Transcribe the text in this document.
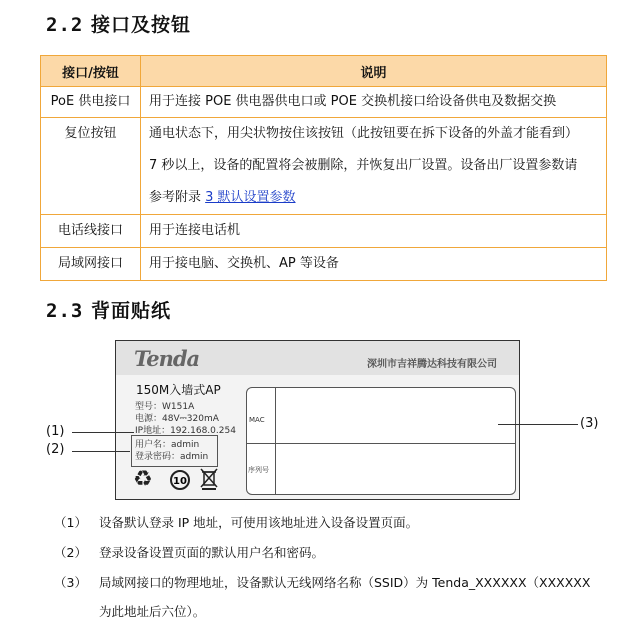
2.2 接口及按钮
接口/按钮	说明
PoE 供电接口	用于连接 POE 供电器供电口或 POE 交换机接口给设备供电及数据交换
复位按钮	通电状态下，用尖状物按住该按钮（此按钮要在拆下设备的外盖才能看到）
7 秒以上，设备的配置将会被删除，并恢复出厂设置。设备出厂设置参数请
参考附录 3 默认设置参数

电话线接口	用于连接电话机
局域网接口	用于接电脑、交换机、AP 等设备
2.3 背面贴纸
Tenda	深圳市吉祥腾达科技有限公司
150M入墙式AP
型号：W151A
电源：48V⎓320mA
IP地址：192.168.0.254
用户名：admin
登录密码：admin
MAC
序列号
♻ 10
(1)
(2)
(3)
（1） 设备默认登录 IP 地址，可使用该地址进入设备设置页面。
（2） 登录设备设置页面的默认用户名和密码。
（3） 局域网接口的物理地址，设备默认无线网络名称（SSID）为 Tenda_XXXXXX（XXXXXX
为此地址后六位）。
